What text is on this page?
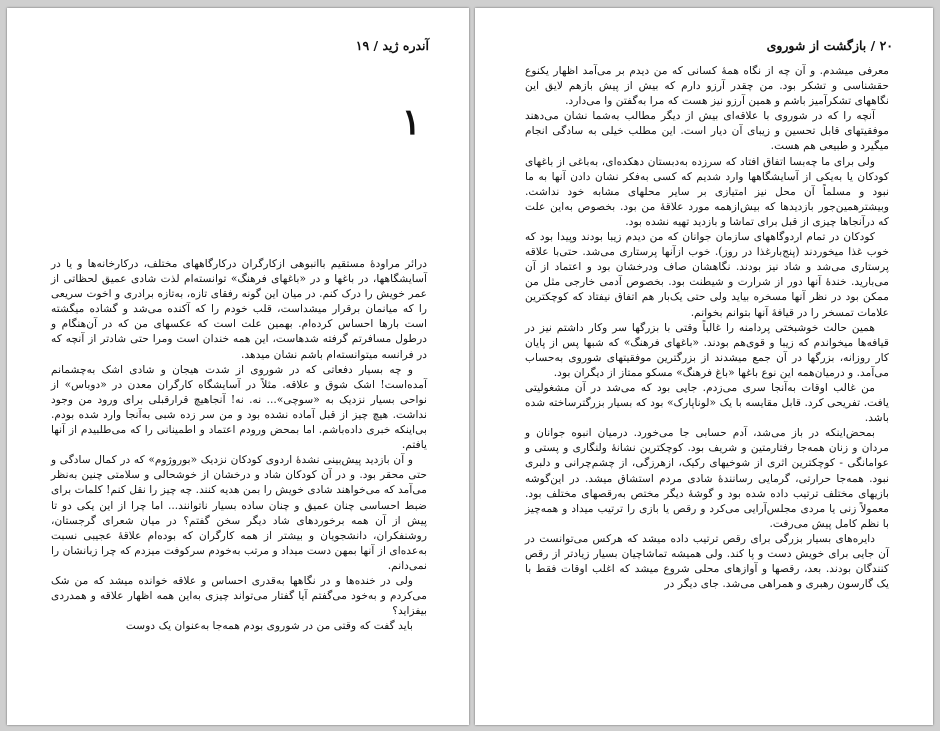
آندره ژید / ۱۹
۱

درائر مراودهٔ مستقیم باانبوهی ازکارگران درکارگاههای مختلف، درکارخانه‌ها و یا در آسایشگاهها، در باغها و در «باغهای فرهنگ» توانسته‌ام لذت شادی عمیق لحظاتی از عمر خویش را درک کنم. در میان این گونه رفقای تازه، به‌تازه برادری و اخوت سریعی را که میانمان برقرار میشداست، قلب خودم را که آکنده می‌شد و گشاده میگشته است بارها احساس کرده‌ام. بهمین علت است که عکسهای من که در آن‌هنگام و درطول مسافرتم گرفته شدهاست، این همه خندان است ومرا حتی شادتر از آنچه که در فرانسه میتوانسته‌ام باشم نشان میدهد.

و چه بسیار دفعاتی که در شوروی از شدت هیجان و شادی اشک به‌چشمانم آمده‌است! اشک شوق و علاقه. مثلاً در آسایشگاه کارگران معدن در «دوباس» از نواحی بسیار نزدیک به «سوچی»... نه. نه! آنجاهیچ قرارقبلی برای ورود من وجود نداشت. هیچ چیز از قبل آماده نشده بود و من سر زده شبی به‌آنجا وارد شده بودم. بی‌اینکه خبری داده‌باشم. اما بمحض ورودم اعتماد و اطمینانی را که می‌طلبیدم از آنها یافتم.

و آن بازدید پیش‌بینی نشدهٔ اردوی کودکان نزدیک «بوروژوم» که در کمال سادگی و حتی محقر بود. و در آن کودکان شاد و درخشان از خوشحالی و سلامتی چنین به‌نظر می‌آمد که می‌خواهند شادی خویش را بمن هدیه کنند. چه چیز را نقل کنم! کلمات برای ضبط احساسی چنان عمیق و چنان ساده بسیار ناتوانند... اما چرا از این یکی دو تا پیش از آن همه برخوردهای شاد دیگر سخن گفتم؟ در میان شعرای گرجستان، روشنفکران، دانشجویان و بیشتر از همه کارگران که بوده‌ام علاقهٔ عجیبی نسبت به‌عده‌ای از آنها بمهن دست میداد و مرتب به‌خودم سرکوفت میزدم که چرا زبانشان را نمی‌دانم.

ولی در خنده‌ها و در نگاهها به‌قدری احساس و علاقه خوانده میشد که من شک می‌کردم و به‌خود می‌گفتم آیا گفتار می‌تواند چیزی به‌این همه اظهار علاقه و همدردی بیفزاید؟

باید گفت که وقتی من در شوروی بودم همه‌جا به‌عنوان یک دوست

۲۰ / بازگشت از شوروی

معرفی میشدم. و آن چه از نگاه همهٔ کسانی که من دیدم بر می‌آمد اظهار یکنوع حقشناسی و تشکر بود. من چقدر آرزو دارم که بیش از پیش بازهم لایق این نگاههای تشکرآمیز باشم و همین آرزو نیز هست که مرا به‌گفتن وا می‌دارد.

آنچه را که در شوروی با علاقه‌ای بیش از دیگر مطالب به‌شما نشان می‌دهند موفقیتهای قابل تحسین و زیبای آن دیار است. این مطلب خیلی به سادگی انجام میگیرد و طبیعی هم هست.

ولی برای ما چه‌بسا اتفاق افتاد که سرزده به‌دبستان دهکده‌ای، به‌باغی از باغهای کودکان یا به‌یکی از آسایشگاهها وارد شدیم که کسی به‌فکر نشان دادن آنها به ما نبود و مسلماً آن محل نیز امتیازی بر سایر محلهای مشابه خود نداشت. وبیشترهمین‌جور بازدیدها که بیش‌ازهمه مورد علاقهٔ من بود. بخصوص به‌این علت که درآنجاها چیزی از قبل برای تماشا و بازدید تهیه نشده بود.

کودکان در تمام اردوگاههای سازمان جوانان که من دیدم زیبا بودند وپیدا بود که خوب غذا میخوردند (پنج‌بارغذا در روز). خوب ازآنها پرستاری می‌شد. حتی‌با علاقه پرستاری می‌شد و شاد نیز بودند. نگاهشان صاف ودرخشان بود و اعتماد از آن می‌بارید. خندهٔ آنها دور از شرارت و شیطنت بود. بخصوص آدمی خارجی مثل من ممکن بود در نظر آنها مسخره بیاید ولی حتی یک‌بار هم اتفاق نیفتاد که کوچکترین علامات تمسخر را در قیافهٔ آنها بتوانم بخوانم.

همین حالت خوشبختی پردامنه را غالباً وقتی با بزرگها سر وکار داشتم نیز در قیافه‌ها میخواندم که زیبا و قوی‌هم بودند. «باغهای فرهنگ» که شبها پس از پایان کار روزانه، بزرگها در آن جمع میشدند از بزرگترین موفقیتهای شوروی به‌حساب می‌آمد. و درمیان‌همه این نوع باغها «باغ فرهنگ» مسکو ممتاز از دیگران بود.

من غالب اوقات به‌آنجا سری می‌زدم. جایی بود که می‌شد در آن مشغولیتی یافت. تفریحی کرد. قابل مقایسه با یک «لوناپارک» بود که بسیار بزرگترساخته شده باشد.

بمحض‌اینکه در باز می‌شد، آدم حسابی جا می‌خورد. درمیان انبوه جوانان و مردان و زنان همه‌جا رفتارمتین و شریف بود. کوچکترین نشانهٔ ولنگاری و پستی و عوامانگی - کوچکترین اثری از شوخیهای رکیک، ازهرزگی، از چشم‌چرانی و دلبری نبود. همه‌جا حرارتی، گرمایی رسانندهٔ شادی مردم استشاق میشد. در این‌گوشه بازیهای مختلف ترتیب داده شده بود و گوشهٔ دیگر مختص به‌رقصهای مختلف بود. معمولاً زنی یا مردی مجلس‌آرایی می‌کرد و رقص یا بازی را ترتیب میداد و همه‌چیز با نظم کامل پیش می‌رفت.

دایره‌های بسیار بزرگی برای رقص ترتیب داده میشد که هرکس می‌توانست در آن جایی برای خویش دست و پا کند. ولی همیشه تماشاچیان بسیار زیادتر از رقص کنندگان بودند. بعد، رقصها و آوازهای محلی شروع میشد که اغلب اوقات فقط با یک گارسون رهبری و همراهی می‌شد. جای دیگر در
